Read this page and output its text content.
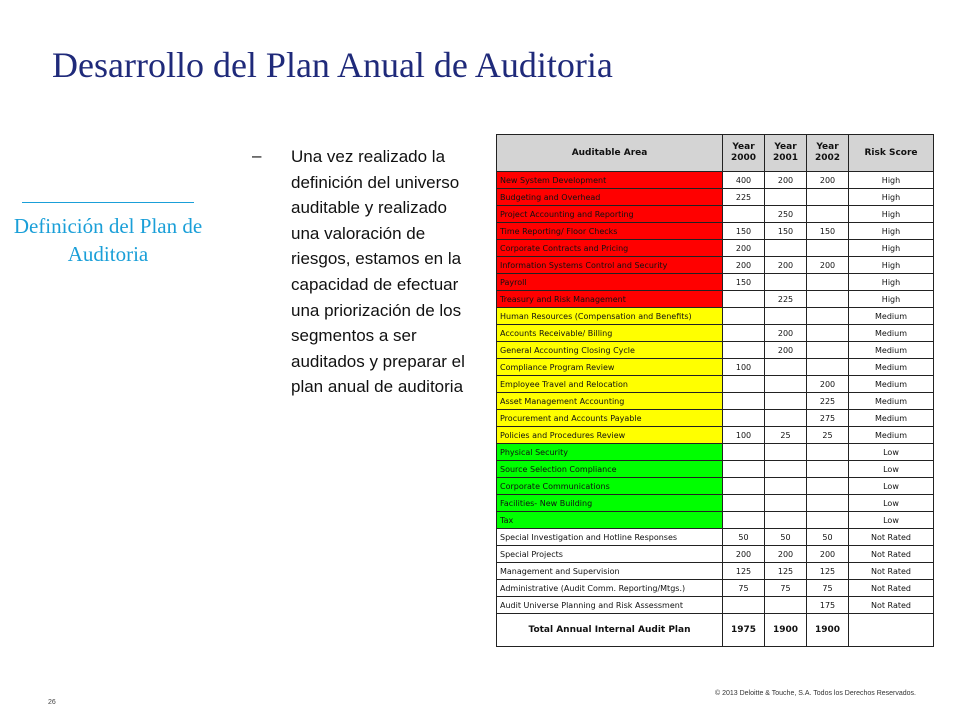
Desarrollo del Plan Anual de Auditoria
Definición del Plan de Auditoria
– Una vez realizado la definición del universo auditable y realizado una valoración de riesgos, estamos en la capacidad de efectuar una priorización de los segmentos a ser auditados y preparar el plan anual de auditoria
Auditable Area	Year 2000	Year 2001	Year 2002	Risk Score
New System Development	400	200	200	High
Budgeting and Overhead	225			High
Project Accounting and Reporting		250		High
Time Reporting/ Floor Checks	150	150	150	High
Corporate Contracts and Pricing	200			High
Information Systems Control and Security	200	200	200	High
Payroll	150			High
Treasury and Risk Management		225		High
Human Resources (Compensation and Benefits)				Medium
Accounts Receivable/ Billing		200		Medium
General Accounting Closing Cycle		200		Medium
Compliance Program Review	100			Medium
Employee Travel and Relocation			200	Medium
Asset Management Accounting			225	Medium
Procurement and Accounts Payable			275	Medium
Policies and Procedures Review	100	25	25	Medium
Physical Security				Low
Source Selection Compliance				Low
Corporate Communications				Low
Facilities- New Building				Low
Tax				Low
Special Investigation and Hotline Responses	50	50	50	Not Rated
Special Projects	200	200	200	Not Rated
Management and Supervision	125	125	125	Not Rated
Administrative (Audit Comm. Reporting/Mtgs.)	75	75	75	Not Rated
Audit Universe Planning and Risk Assessment			175	Not Rated
Total Annual Internal Audit Plan	1975	1900	1900	
26
© 2013 Deloitte & Touche, S.A. Todos los Derechos Reservados.
